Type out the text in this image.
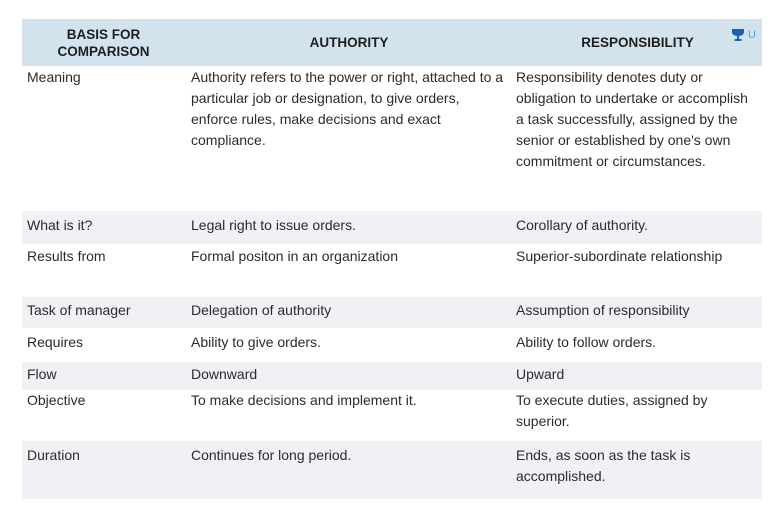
BASIS FOR
COMPARISON	AUTHORITY	RESPONSIBILITY
Meaning	Authority refers to the power or right, attached to a particular job or designation, to give orders, enforce rules, make decisions and exact compliance.	Responsibility denotes duty or obligation to undertake or accomplish a task successfully, assigned by the senior or established by one's own commitment or circumstances.
What is it?	Legal right to issue orders.	Corollary of authority.
Results from	Formal positon in an organization	Superior-subordinate relationship
Task of manager	Delegation of authority	Assumption of responsibility
Requires	Ability to give orders.	Ability to follow orders.
Flow	Downward	Upward
Objective	To make decisions and implement it.	To execute duties, assigned by superior.
Duration	Continues for long period.	Ends, as soon as the task is accomplished.
U
